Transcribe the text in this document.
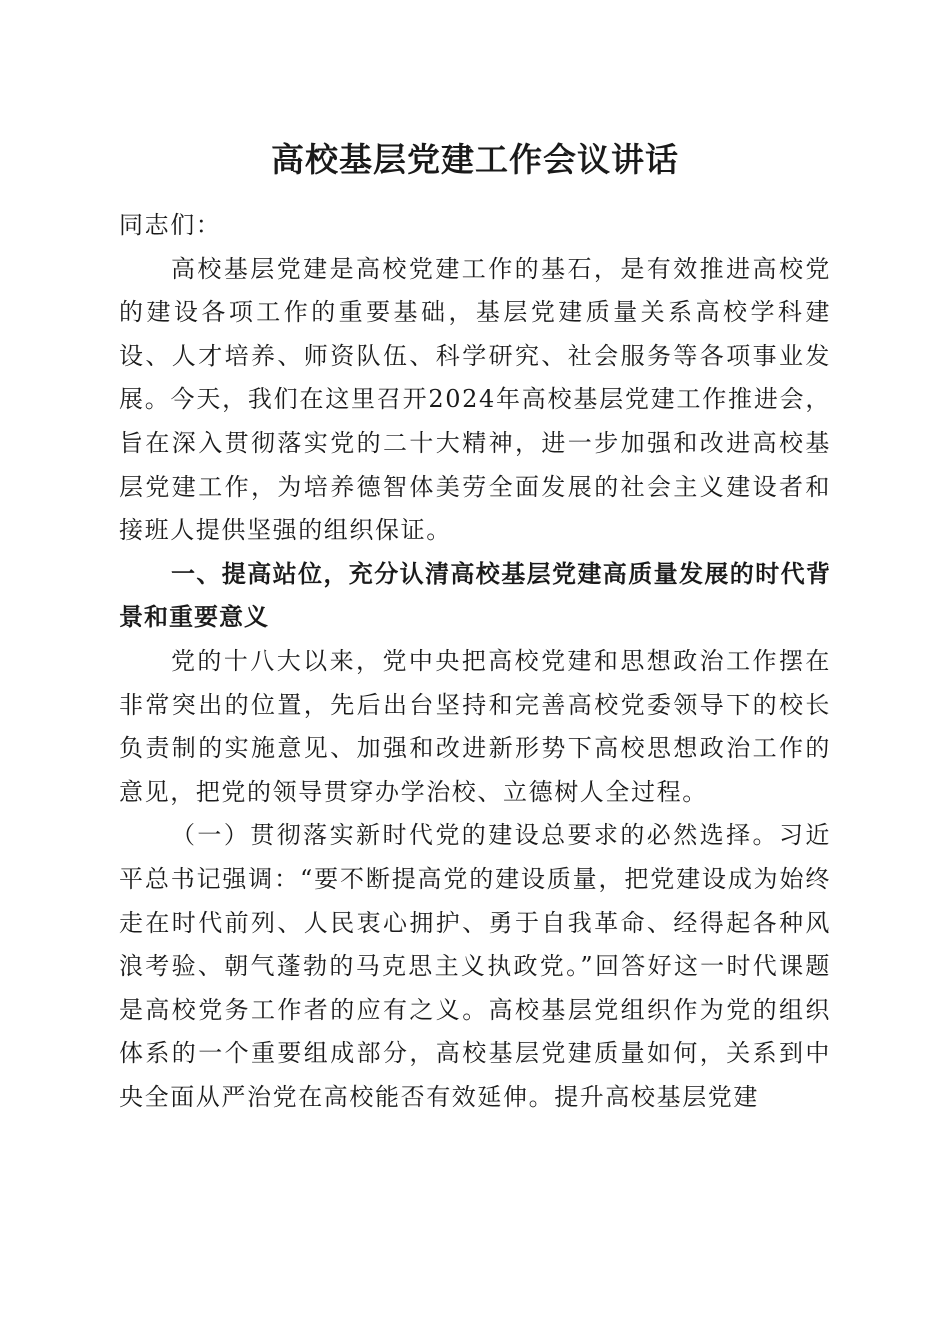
高校基层党建工作会议讲话

同志们：

高校基层党建是高校党建工作的基石，是有效推进高校党的建设各项工作的重要基础，基层党建质量关系高校学科建设、人才培养、师资队伍、科学研究、社会服务等各项事业发展。今天，我们在这里召开2024年高校基层党建工作推进会，旨在深入贯彻落实党的二十大精神，进一步加强和改进高校基层党建工作，为培养德智体美劳全面发展的社会主义建设者和接班人提供坚强的组织保证。

一、提高站位，充分认清高校基层党建高质量发展的时代背景和重要意义

党的十八大以来，党中央把高校党建和思想政治工作摆在非常突出的位置，先后出台坚持和完善高校党委领导下的校长负责制的实施意见、加强和改进新形势下高校思想政治工作的意见，把党的领导贯穿办学治校、立德树人全过程。

（一）贯彻落实新时代党的建设总要求的必然选择。习近平总书记强调：“要不断提高党的建设质量，把党建设成为始终走在时代前列、人民衷心拥护、勇于自我革命、经得起各种风浪考验、朝气蓬勃的马克思主义执政党。”回答好这一时代课题是高校党务工作者的应有之义。高校基层党组织作为党的组织体系的一个重要组成部分，高校基层党建质量如何，关系到中央全面从严治党在高校能否有效延伸。提升高校基层党建
